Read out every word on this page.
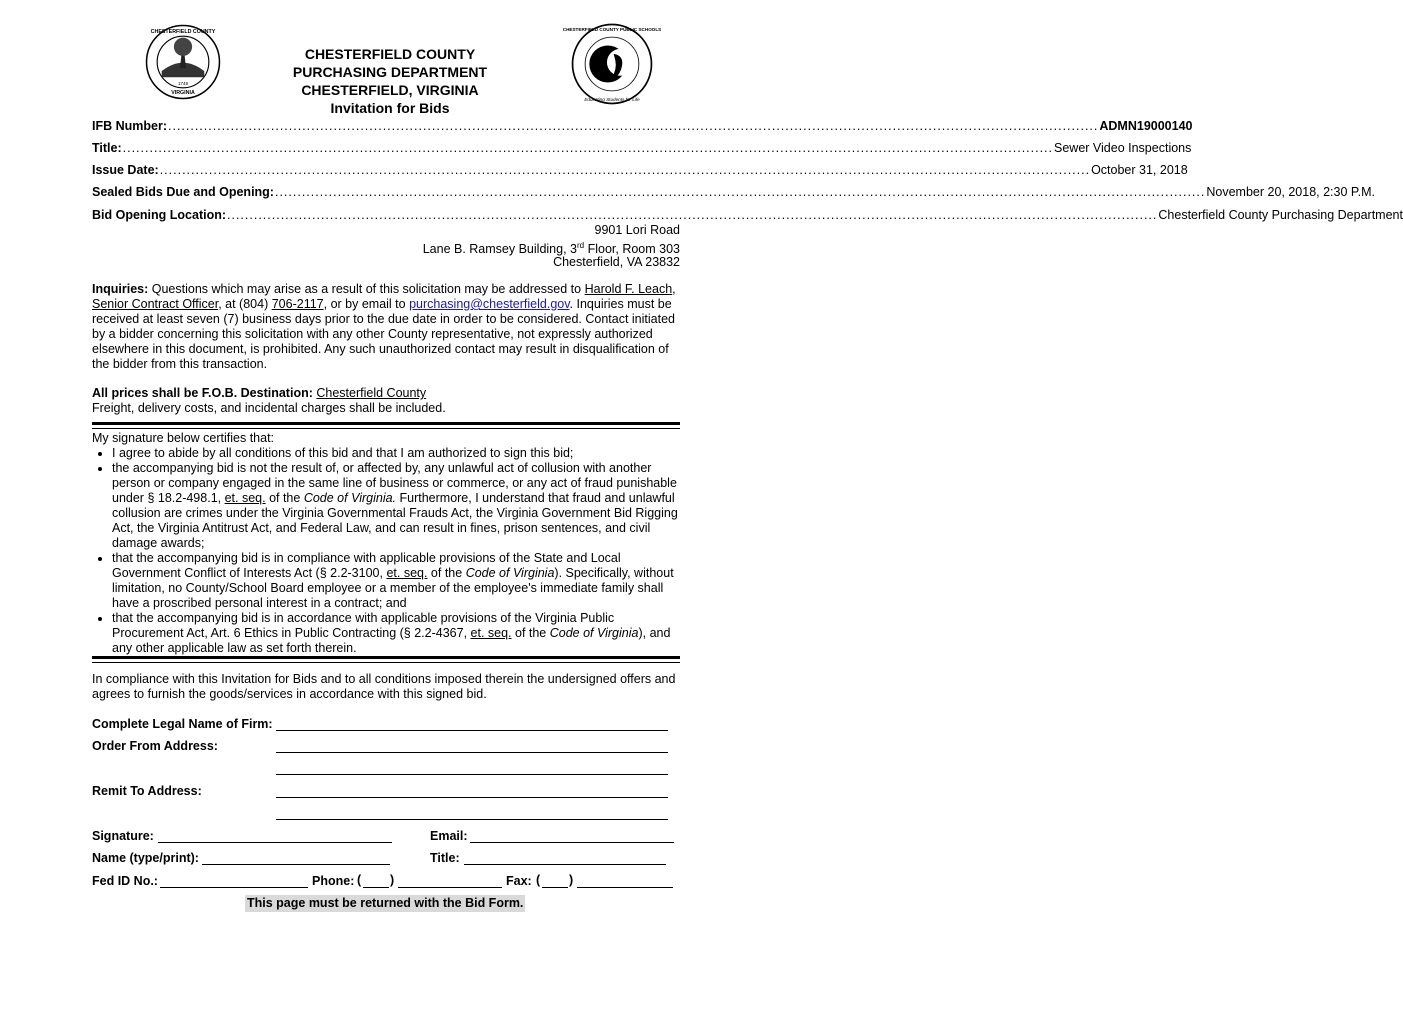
CHESTERFIELD COUNTY
1749
VIRGINIA
CHESTERFIELD COUNTY
PURCHASING DEPARTMENT
CHESTERFIELD, VIRGINIA
Invitation for Bids
CHESTERFIELD COUNTY PUBLIC SCHOOLS
Educating Students for Life
IFB Number: .....	ADMN19000140
Title: .....	Sewer Video Inspections
Issue Date: .....	October 31, 2018
Sealed Bids Due and Opening: .....	November 20, 2018, 2:30 P.M.
Bid Opening Location: .....	Chesterfield County Purchasing Department
9901 Lori Road
Lane B. Ramsey Building, 3rd Floor, Room 303
Chesterfield, VA 23832
Inquiries: Questions which may arise as a result of this solicitation may be addressed to Harold F. Leach, Senior Contract Officer, at (804) 706-2117, or by email to purchasing@chesterfield.gov. Inquiries must be received at least seven (7) business days prior to the due date in order to be considered. Contact initiated by a bidder concerning this solicitation with any other County representative, not expressly authorized elsewhere in this document, is prohibited. Any such unauthorized contact may result in disqualification of the bidder from this transaction.
All prices shall be F.O.B. Destination: Chesterfield County
Freight, delivery costs, and incidental charges shall be included.
My signature below certifies that:
• I agree to abide by all conditions of this bid and that I am authorized to sign this bid;
• the accompanying bid is not the result of, or affected by, any unlawful act of collusion with another person or company engaged in the same line of business or commerce, or any act of fraud punishable under § 18.2-498.1, et. seq. of the Code of Virginia. Furthermore, I understand that fraud and unlawful collusion are crimes under the Virginia Governmental Frauds Act, the Virginia Government Bid Rigging Act, the Virginia Antitrust Act, and Federal Law, and can result in fines, prison sentences, and civil damage awards;
• that the accompanying bid is in compliance with applicable provisions of the State and Local Government Conflict of Interests Act (§ 2.2-3100, et. seq. of the Code of Virginia). Specifically, without limitation, no County/School Board employee or a member of the employee's immediate family shall have a proscribed personal interest in a contract; and
• that the accompanying bid is in accordance with applicable provisions of the Virginia Public Procurement Act, Art. 6 Ethics in Public Contracting (§ 2.2-4367, et. seq. of the Code of Virginia), and any other applicable law as set forth therein.
In compliance with this Invitation for Bids and to all conditions imposed therein the undersigned offers and agrees to furnish the goods/services in accordance with this signed bid.
Complete Legal Name of Firm:
Order From Address:
Remit To Address:
Signature:	Email:
Name (type/print):	Title:
Fed ID No.:	Phone: ( )	Fax: ( )
This page must be returned with the Bid Form.
